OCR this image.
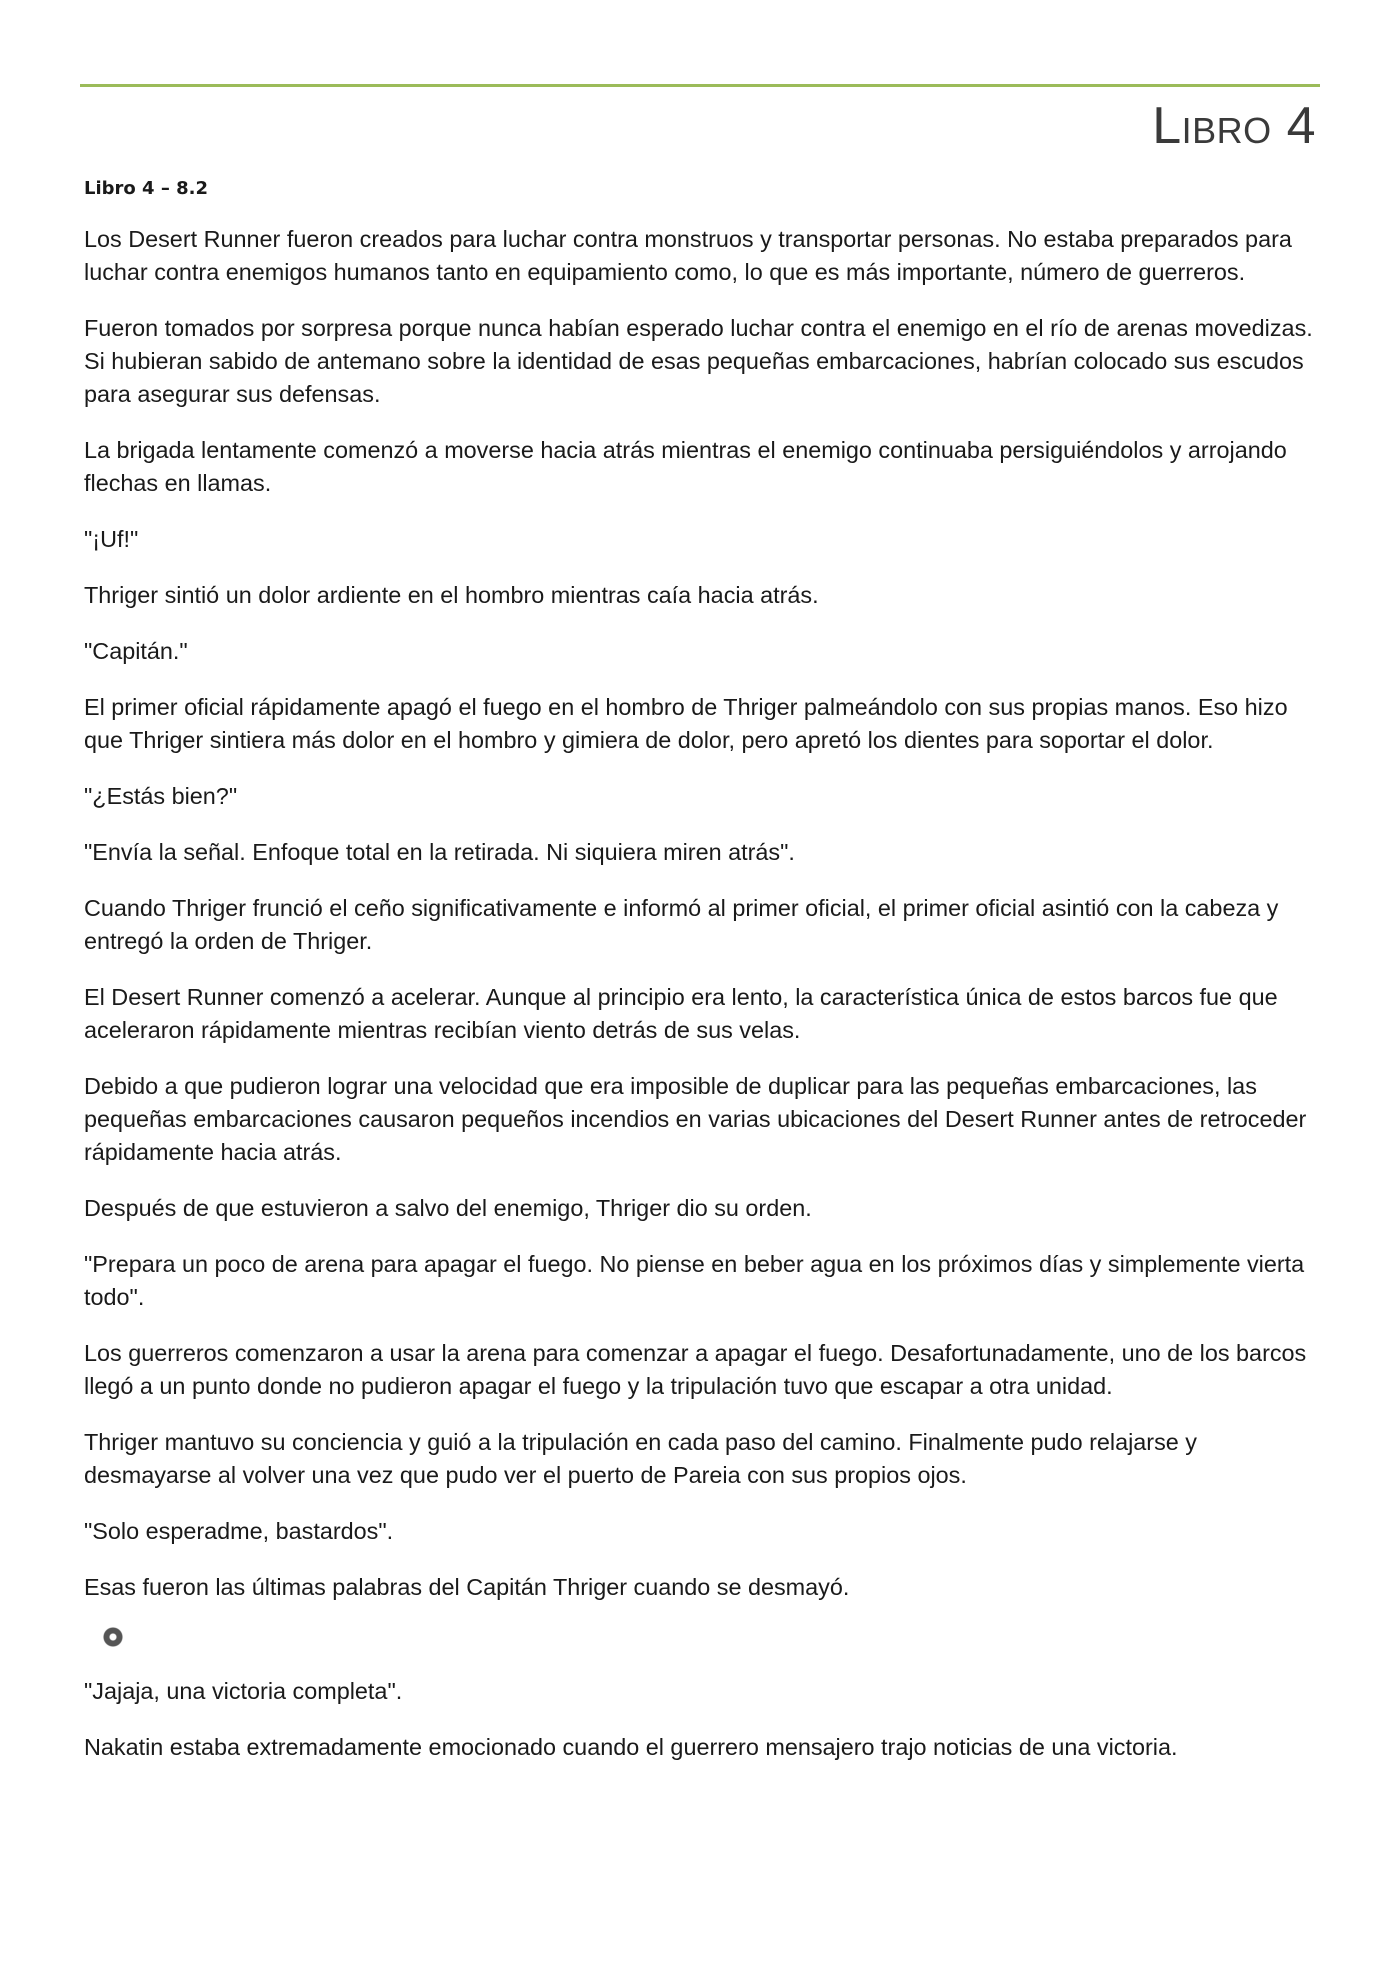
Libro 4
Libro 4 – 8.2

Los Desert Runner fueron creados para luchar contra monstruos y transportar personas. No estaba preparados para luchar contra enemigos humanos tanto en equipamiento como, lo que es más importante, número de guerreros.

Fueron tomados por sorpresa porque nunca habían esperado luchar contra el enemigo en el río de arenas movedizas. Si hubieran sabido de antemano sobre la identidad de esas pequeñas embarcaciones, habrían colocado sus escudos para asegurar sus defensas.

La brigada lentamente comenzó a moverse hacia atrás mientras el enemigo continuaba persiguiéndolos y arrojando flechas en llamas.

"¡Uf!"

Thriger sintió un dolor ardiente en el hombro mientras caía hacia atrás.

"Capitán."

El primer oficial rápidamente apagó el fuego en el hombro de Thriger palmeándolo con sus propias manos. Eso hizo que Thriger sintiera más dolor en el hombro y gimiera de dolor, pero apretó los dientes para soportar el dolor.

"¿Estás bien?"

"Envía la señal. Enfoque total en la retirada. Ni siquiera miren atrás".

Cuando Thriger frunció el ceño significativamente e informó al primer oficial, el primer oficial asintió con la cabeza y entregó la orden de Thriger.

El Desert Runner comenzó a acelerar. Aunque al principio era lento, la característica única de estos barcos fue que aceleraron rápidamente mientras recibían viento detrás de sus velas.

Debido a que pudieron lograr una velocidad que era imposible de duplicar para las pequeñas embarcaciones, las pequeñas embarcaciones causaron pequeños incendios en varias ubicaciones del Desert Runner antes de retroceder rápidamente hacia atrás.

Después de que estuvieron a salvo del enemigo, Thriger dio su orden.

"Prepara un poco de arena para apagar el fuego. No piense en beber agua en los próximos días y simplemente vierta todo".

Los guerreros comenzaron a usar la arena para comenzar a apagar el fuego. Desafortunadamente, uno de los barcos llegó a un punto donde no pudieron apagar el fuego y la tripulación tuvo que escapar a otra unidad.

Thriger mantuvo su conciencia y guió a la tripulación en cada paso del camino. Finalmente pudo relajarse y desmayarse al volver una vez que pudo ver el puerto de Pareia con sus propios ojos.

"Solo esperadme, bastardos".

Esas fueron las últimas palabras del Capitán Thriger cuando se desmayó.

"Jajaja, una victoria completa".

Nakatin estaba extremadamente emocionado cuando el guerrero mensajero trajo noticias de una victoria.
